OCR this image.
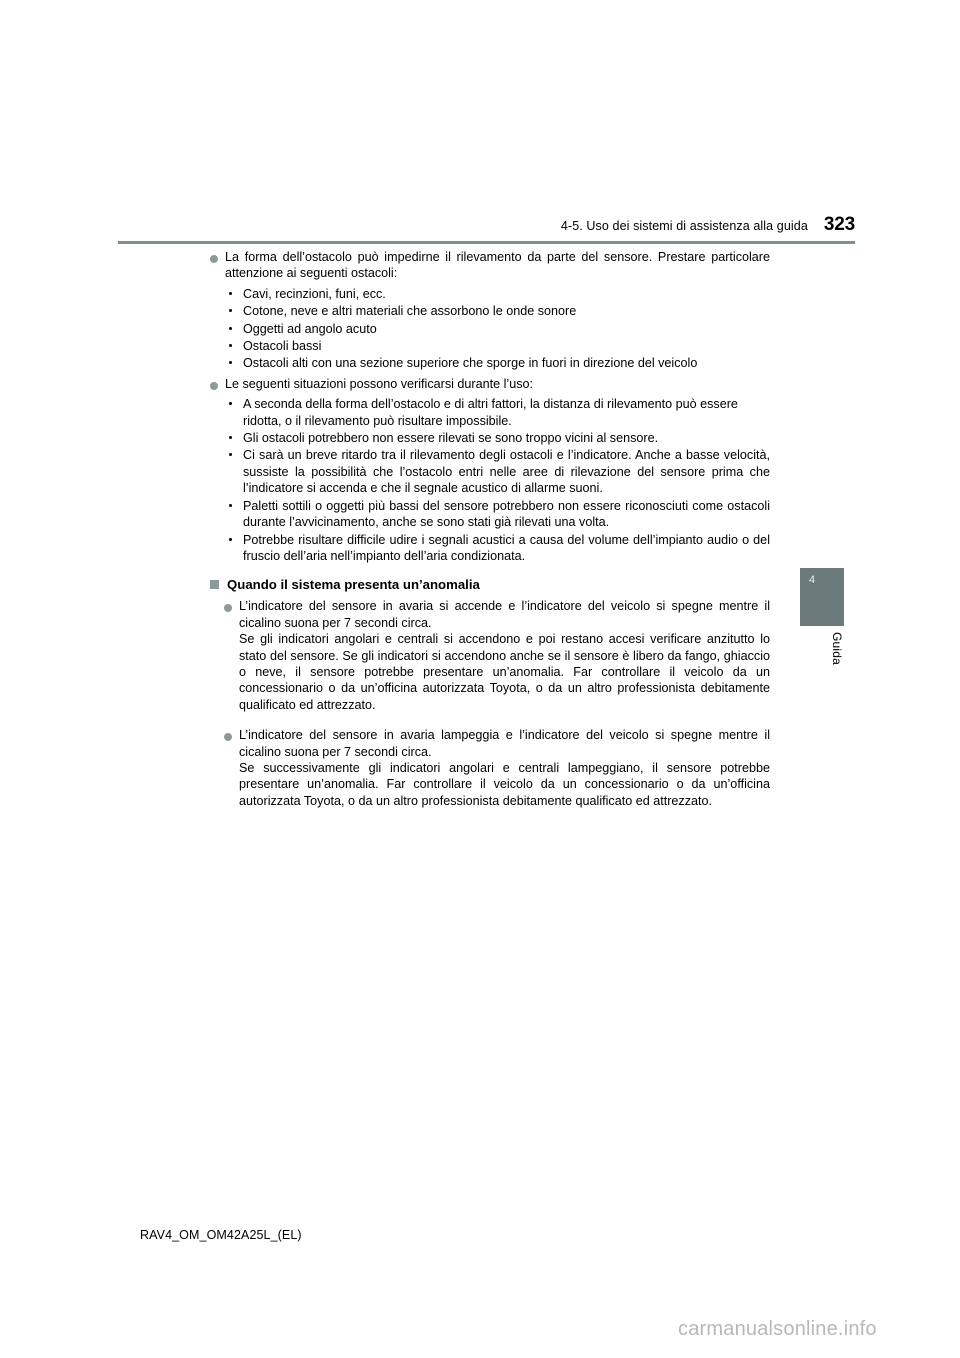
4-5. Uso dei sistemi di assistenza alla guida 323
4
Guida
La forma dell’ostacolo può impedirne il rilevamento da parte del sensore. Prestare particolare attenzione ai seguenti ostacoli:
Cavi, recinzioni, funi, ecc.
Cotone, neve e altri materiali che assorbono le onde sonore
Oggetti ad angolo acuto
Ostacoli bassi
Ostacoli alti con una sezione superiore che sporge in fuori in direzione del veicolo
Le seguenti situazioni possono verificarsi durante l’uso:
A seconda della forma dell’ostacolo e di altri fattori, la distanza di rilevamento può essere ridotta, o il rilevamento può risultare impossibile.
Gli ostacoli potrebbero non essere rilevati se sono troppo vicini al sensore.
Ci sarà un breve ritardo tra il rilevamento degli ostacoli e l’indicatore. Anche a basse velocità, sussiste la possibilità che l’ostacolo entri nelle aree di rilevazione del sensore prima che l’indicatore si accenda e che il segnale acustico di allarme suoni.
Paletti sottili o oggetti più bassi del sensore potrebbero non essere riconosciuti come ostacoli durante l’avvicinamento, anche se sono stati già rilevati una volta.
Potrebbe risultare difficile udire i segnali acustici a causa del volume dell’impianto audio o del fruscio dell’aria nell’impianto dell’aria condizionata.
Quando il sistema presenta un’anomalia

L’indicatore del sensore in avaria si accende e l’indicatore del veicolo si spegne mentre il cicalino suona per 7 secondi circa.

Se gli indicatori angolari e centrali si accendono e poi restano accesi verificare anzitutto lo stato del sensore. Se gli indicatori si accendono anche se il sensore è libero da fango, ghiaccio o neve, il sensore potrebbe presentare un’anomalia. Far controllare il veicolo da un concessionario o da un’officina autorizzata Toyota, o da un altro professionista debitamente qualificato ed attrezzato.

L’indicatore del sensore in avaria lampeggia e l’indicatore del veicolo si spegne mentre il cicalino suona per 7 secondi circa.

Se successivamente gli indicatori angolari e centrali lampeggiano, il sensore potrebbe presentare un’anomalia. Far controllare il veicolo da un concessionario o da un’officina autorizzata Toyota, o da un altro professionista debitamente qualificato ed attrezzato.

RAV4_OM_OM42A25L_(EL)
carmanualsonline.info
